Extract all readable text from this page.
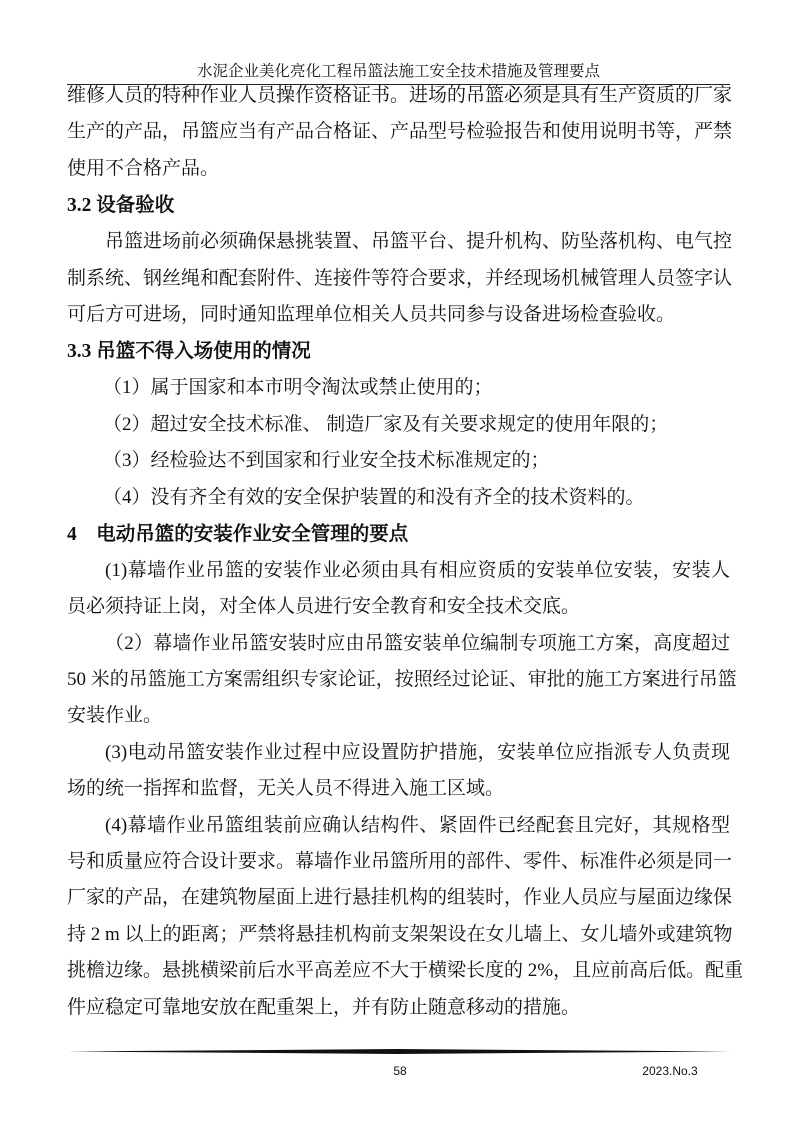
水泥企业美化亮化工程吊篮法施工安全技术措施及管理要点
维修人员的特种作业人员操作资格证书。进场的吊篮必须是具有生产资质的厂家
生产的产品，吊篮应当有产品合格证、产品型号检验报告和使用说明书等，严禁
使用不合格产品。
3.2 设备验收
吊篮进场前必须确保悬挑装置、吊篮平台、提升机构、防坠落机构、电气控
制系统、钢丝绳和配套附件、连接件等符合要求，并经现场机械管理人员签字认
可后方可进场，同时通知监理单位相关人员共同参与设备进场检查验收。
3.3 吊篮不得入场使用的情况
（1）属于国家和本市明令淘汰或禁止使用的；
（2）超过安全技术标准、 制造厂家及有关要求规定的使用年限的；
（3）经检验达不到国家和行业安全技术标准规定的；
（4）没有齐全有效的安全保护装置的和没有齐全的技术资料的。
4　电动吊篮的安装作业安全管理的要点
(1)幕墙作业吊篮的安装作业必须由具有相应资质的安装单位安装，安装人
员必须持证上岗，对全体人员进行安全教育和安全技术交底。
（2）幕墙作业吊篮安装时应由吊篮安装单位编制专项施工方案，高度超过
50 米的吊篮施工方案需组织专家论证，按照经过论证、审批的施工方案进行吊篮
安装作业。
(3)电动吊篮安装作业过程中应设置防护措施，安装单位应指派专人负责现
场的统一指挥和监督，无关人员不得进入施工区域。
(4)幕墙作业吊篮组装前应确认结构件、紧固件已经配套且完好，其规格型
号和质量应符合设计要求。幕墙作业吊篮所用的部件、零件、标准件必须是同一
厂家的产品，在建筑物屋面上进行悬挂机构的组装时，作业人员应与屋面边缘保
持 2 m 以上的距离；严禁将悬挂机构前支架架设在女儿墙上、女儿墙外或建筑物
挑檐边缘。悬挑横梁前后水平高差应不大于横梁长度的 2%，且应前高后低。配重
件应稳定可靠地安放在配重架上，并有防止随意移动的措施。
58	2023.No.3
